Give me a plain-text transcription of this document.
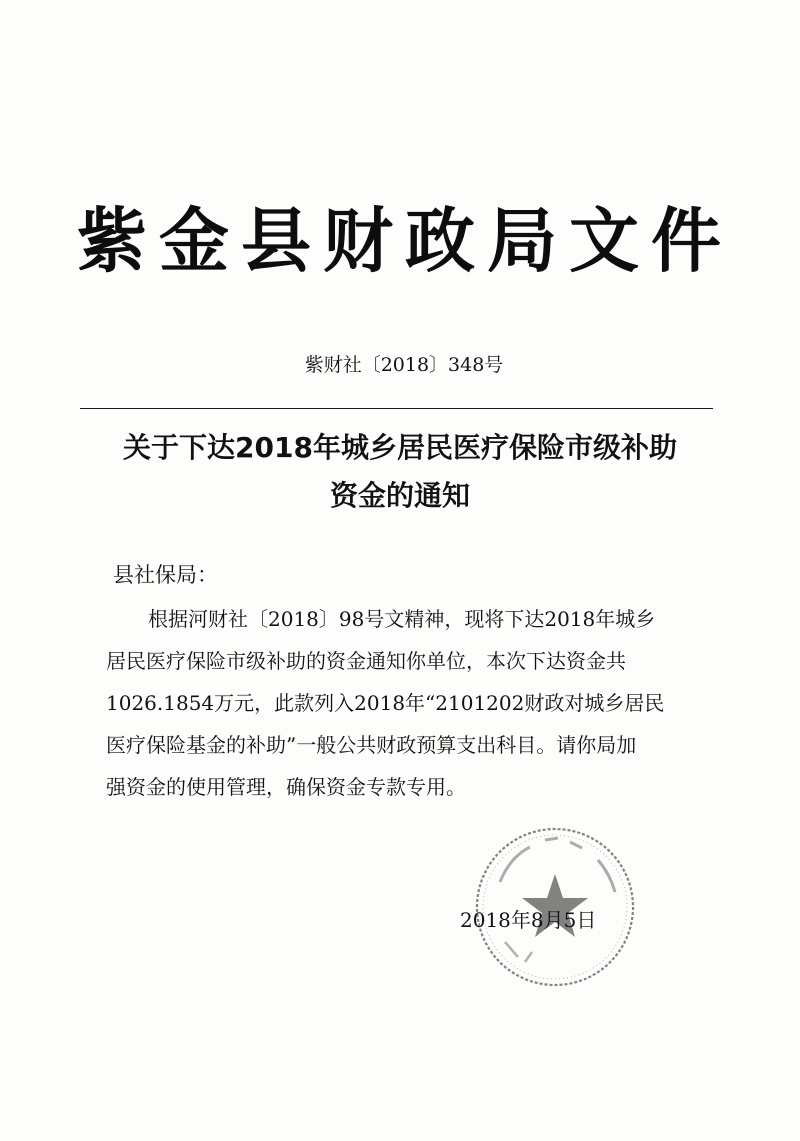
紫金县财政局文件
紫财社〔2018〕348号
关于下达2018年城乡居民医疗保险市级补助
资金的通知
县社保局：
根据河财社〔2018〕98号文精神，现将下达2018年城乡
居民医疗保险市级补助的资金通知你单位，本次下达资金共
1026.1854万元，此款列入2018年“2101202财政对城乡居民
医疗保险基金的补助”一般公共财政预算支出科目。请你局加
强资金的使用管理，确保资金专款专用。
2018年8月5日
